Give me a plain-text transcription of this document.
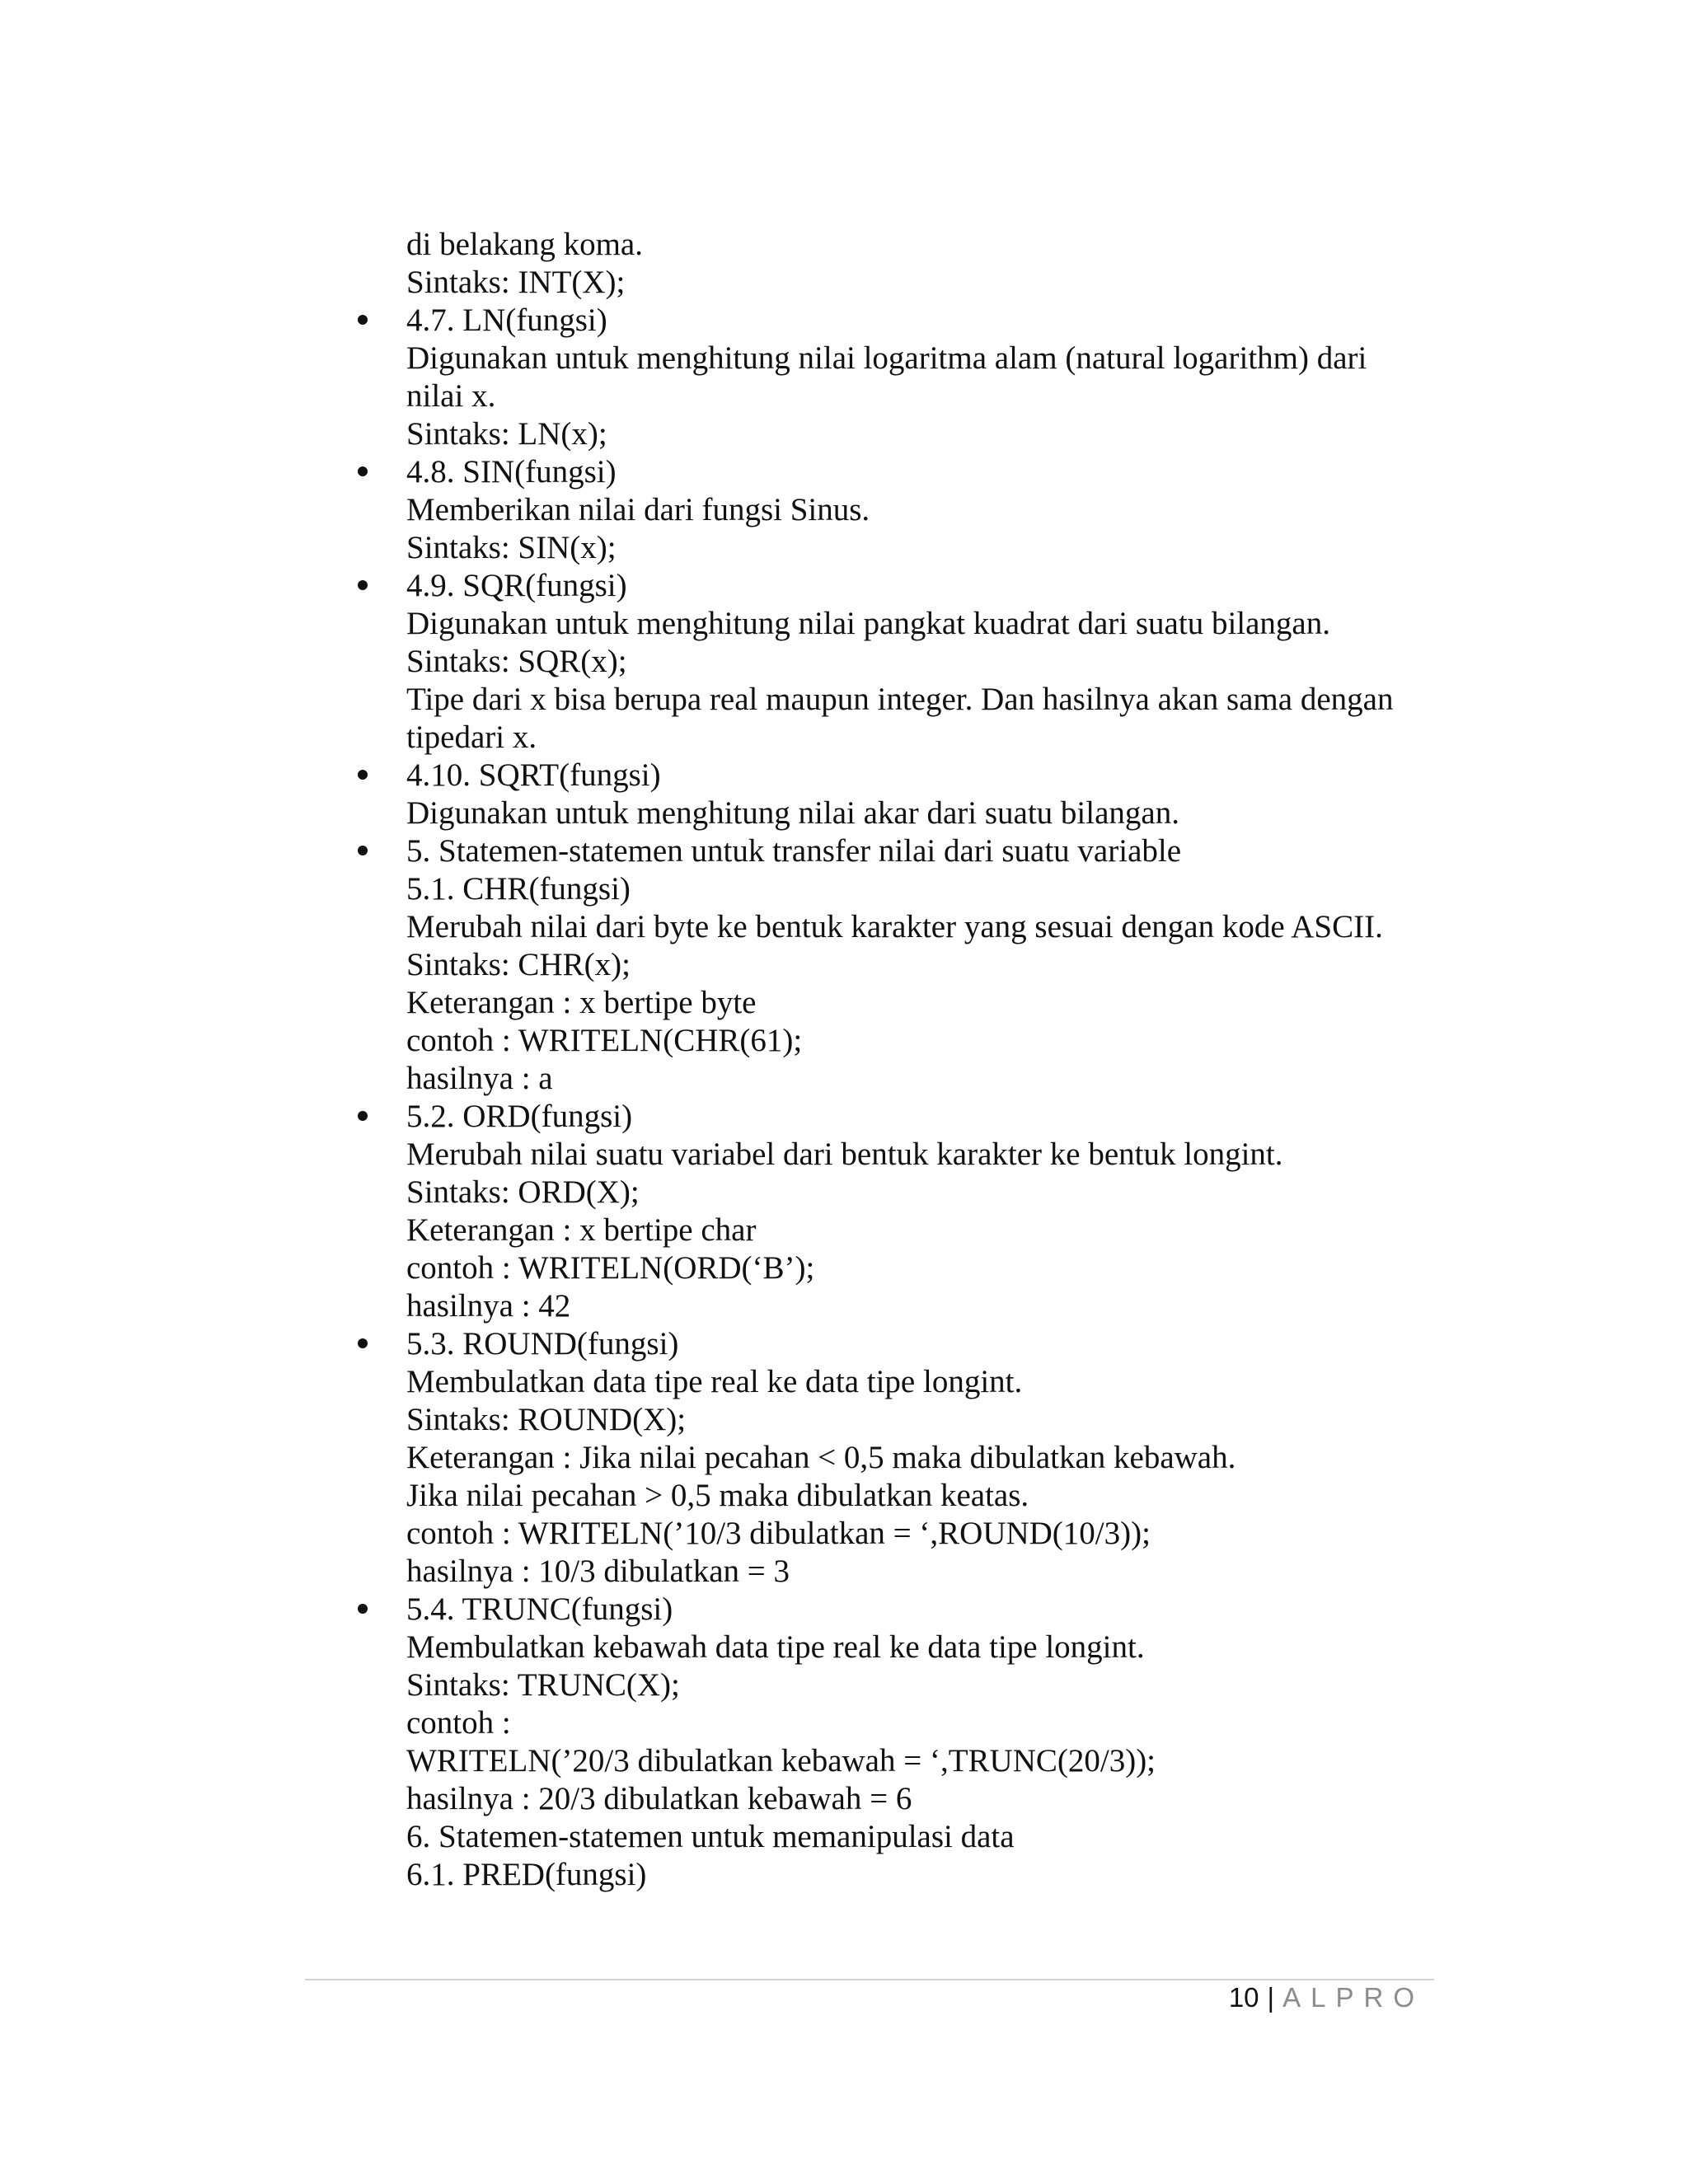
di belakang koma.
Sintaks: INT(X);
4.7. LN(fungsi)
Digunakan untuk menghitung nilai logaritma alam (natural logarithm) dari
nilai x.
Sintaks: LN(x);
4.8. SIN(fungsi)
Memberikan nilai dari fungsi Sinus.
Sintaks: SIN(x);
4.9. SQR(fungsi)
Digunakan untuk menghitung nilai pangkat kuadrat dari suatu bilangan.
Sintaks: SQR(x);
Tipe dari x bisa berupa real maupun integer. Dan hasilnya akan sama dengan
tipedari x.
4.10. SQRT(fungsi)
Digunakan untuk menghitung nilai akar dari suatu bilangan.
5. Statemen-statemen untuk transfer nilai dari suatu variable
5.1. CHR(fungsi)
Merubah nilai dari byte ke bentuk karakter yang sesuai dengan kode ASCII.
Sintaks: CHR(x);
Keterangan : x bertipe byte
contoh : WRITELN(CHR(61);
hasilnya : a
5.2. ORD(fungsi)
Merubah nilai suatu variabel dari bentuk karakter ke bentuk longint.
Sintaks: ORD(X);
Keterangan : x bertipe char
contoh : WRITELN(ORD(‘B’);
hasilnya : 42
5.3. ROUND(fungsi)
Membulatkan data tipe real ke data tipe longint.
Sintaks: ROUND(X);
Keterangan : Jika nilai pecahan < 0,5 maka dibulatkan kebawah.
Jika nilai pecahan > 0,5 maka dibulatkan keatas.
contoh : WRITELN(’10/3 dibulatkan = ‘,ROUND(10/3));
hasilnya : 10/3 dibulatkan = 3
5.4. TRUNC(fungsi)
Membulatkan kebawah data tipe real ke data tipe longint.
Sintaks: TRUNC(X);
contoh :
WRITELN(’20/3 dibulatkan kebawah = ‘,TRUNC(20/3));
hasilnya : 20/3 dibulatkan kebawah = 6
6. Statemen-statemen untuk memanipulasi data
6.1. PRED(fungsi)
10 | ALPRO
